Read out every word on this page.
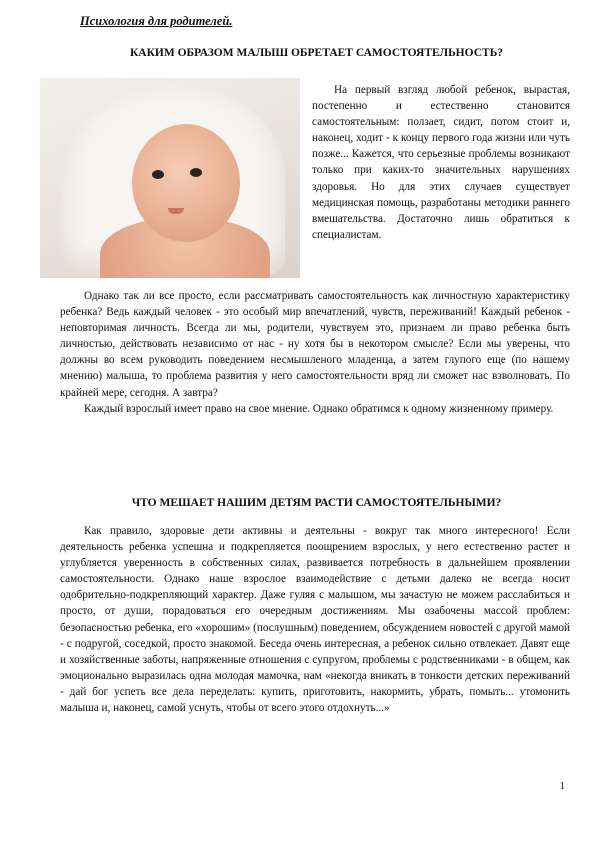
Психология для родителей.
КАКИМ ОБРАЗОМ МАЛЫШ ОБРЕТАЕТ САМОСТОЯТЕЛЬНОСТЬ?

На первый взгляд любой ребенок, вырастая, постепенно и естественно становится самостоятельным: ползает, сидит, потом стоит и, наконец, ходит - к концу первого года жизни или чуть позже... Кажется, что серьезные проблемы возникают только при каких-то значительных нарушениях здоровья. Но для этих случаев существует медицинская помощь, разработаны методики раннего вмешательства. Достаточно лишь обратиться к специалистам.

Однако так ли все просто, если рассматривать самостоятельность как личностную характеристику ребенка? Ведь каждый человек - это особый мир впечатлений, чувств, переживаний! Каждый ребенок - неповторимая личность. Всегда ли мы, родители, чувствуем это, признаем ли право ребенка быть личностью, действовать независимо от нас - ну хотя бы в некотором смысле? Если мы уверены, что должны во всем руководить поведением несмышленого младенца, а затем глупого еще (по нашему мнению) малыша, то проблема развития у него самостоятельности вряд ли сможет нас взволновать. По крайней мере, сегодня. А завтра?

Каждый взрослый имеет право на свое мнение. Однако обратимся к одному жизненному примеру.

ЧТО МЕШАЕТ НАШИМ ДЕТЯМ РАСТИ САМОСТОЯТЕЛЬНЫМИ?

Как правило, здоровые дети активны и деятельны - вокруг так много интересного! Если деятельность ребенка успешна и подкрепляется поощрением взрослых, у него естественно растет и углубляется уверенность в собственных силах, развивается потребность в дальнейшем проявлении самостоятельности. Однако наше взрослое взаимодействие с детьми далеко не всегда носит одобрительно-подкрепляющий характер. Даже гуляя с малышом, мы зачастую не можем расслабиться и просто, от души, порадоваться его очередным достижениям. Мы озабочены массой проблем: безопасностью ребенка, его «хорошим» (послушным) поведением, обсуждением новостей с другой мамой - с подругой, соседкой, просто знакомой. Беседа очень интересная, а ребенок сильно отвлекает. Давят еще и хозяйственные заботы, напряженные отношения с супругом, проблемы с родственниками - в общем, как эмоционально выразилась одна молодая мамочка, нам «некогда вникать в тонкости детских переживаний - дай бог успеть все дела переделать: купить, приготовить, накормить, убрать, помыть... утомонить малыша и, наконец, самой уснуть, чтобы от всего этого отдохнуть...»

1
